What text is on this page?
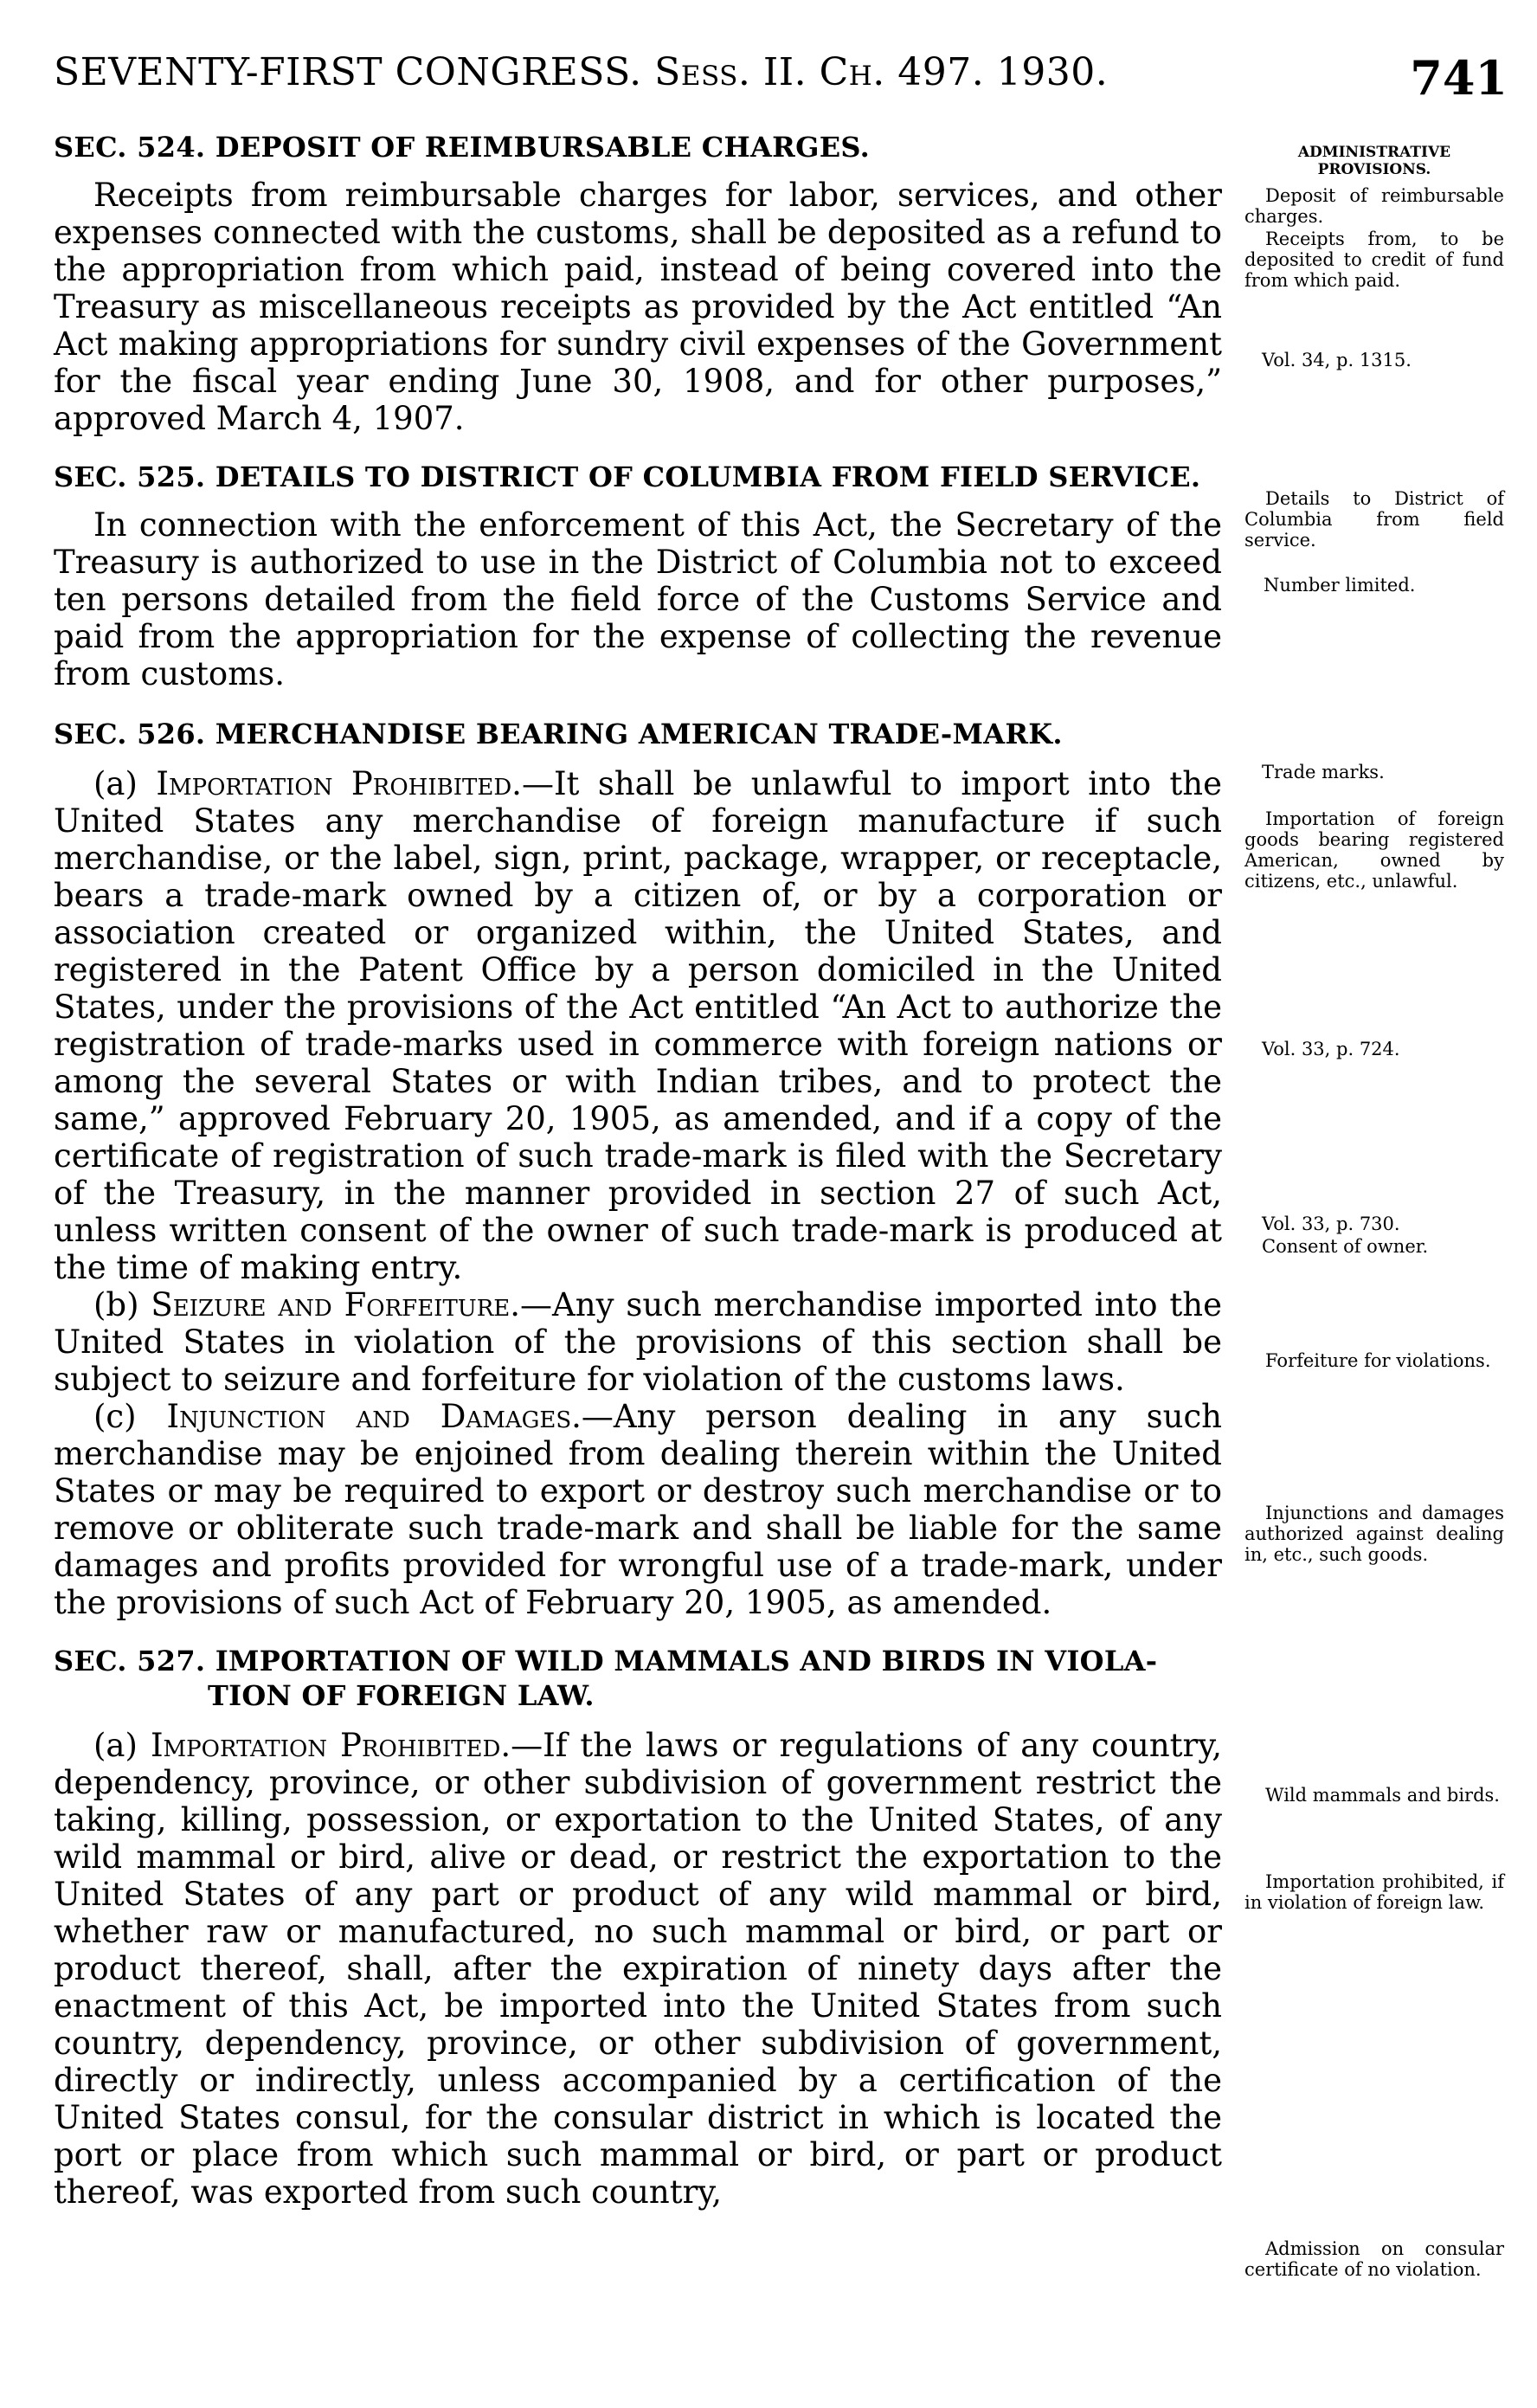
SEVENTY-FIRST CONGRESS. Sess. II. Ch. 497. 1930.	741
SEC. 524. DEPOSIT OF REIMBURSABLE CHARGES.

Receipts from reimbursable charges for labor, services, and other expenses connected with the customs, shall be deposited as a refund to the appropriation from which paid, instead of being covered into the Treasury as miscellaneous receipts as provided by the Act entitled “An Act making appropriations for sundry civil expenses of the Government for the fiscal year ending June 30, 1908, and for other purposes,” approved March 4, 1907.

SEC. 525. DETAILS TO DISTRICT OF COLUMBIA FROM FIELD SERVICE.

In connection with the enforcement of this Act, the Secretary of the Treasury is authorized to use in the District of Columbia not to exceed ten persons detailed from the field force of the Customs Service and paid from the appropriation for the expense of collecting the revenue from customs.

SEC. 526. MERCHANDISE BEARING AMERICAN TRADE-MARK.

(a) Importation Prohibited.—It shall be unlawful to import into the United States any merchandise of foreign manufacture if such merchandise, or the label, sign, print, package, wrapper, or receptacle, bears a trade-mark owned by a citizen of, or by a corporation or association created or organized within, the United States, and registered in the Patent Office by a person domiciled in the United States, under the provisions of the Act entitled “An Act to authorize the registration of trade-marks used in commerce with foreign nations or among the several States or with Indian tribes, and to protect the same,” approved February 20, 1905, as amended, and if a copy of the certificate of registration of such trade-mark is filed with the Secretary of the Treasury, in the manner provided in section 27 of such Act, unless written consent of the owner of such trade-mark is produced at the time of making entry.

(b) Seizure and Forfeiture.—Any such merchandise imported into the United States in violation of the provisions of this section shall be subject to seizure and forfeiture for violation of the customs laws.

(c) Injunction and Damages.—Any person dealing in any such merchandise may be enjoined from dealing therein within the United States or may be required to export or destroy such merchandise or to remove or obliterate such trade-mark and shall be liable for the same damages and profits provided for wrongful use of a trade-mark, under the provisions of such Act of February 20, 1905, as amended.

SEC. 527. IMPORTATION OF WILD MAMMALS AND BIRDS IN VIOLA-
TION OF FOREIGN LAW.

(a) Importation Prohibited.—If the laws or regulations of any country, dependency, province, or other subdivision of government restrict the taking, killing, possession, or exportation to the United States, of any wild mammal or bird, alive or dead, or restrict the exportation to the United States of any part or product of any wild mammal or bird, whether raw or manufactured, no such mammal or bird, or part or product thereof, shall, after the expiration of ninety days after the enactment of this Act, be imported into the United States from such country, dependency, province, or other subdivision of government, directly or indirectly, unless accompanied by a certification of the United States consul, for the consular district in which is located the port or place from which such mammal or bird, or part or product thereof, was exported from such country,

ADMINISTRATIVE PROVISIONS.
Deposit of reimbursable charges.
Receipts from, to be deposited to credit of fund from which paid.
Vol. 34, p. 1315.
Details to District of Columbia from field service.
Number limited.
Trade marks.
Importation of foreign goods bearing registered American, owned by citizens, etc., unlawful.
Vol. 33, p. 724.
Vol. 33, p. 730.
Consent of owner.
Forfeiture for violations.
Injunctions and damages authorized against dealing in, etc., such goods.
Wild mammals and birds.
Importation prohibited, if in violation of foreign law.
Admission on consular certificate of no violation.
